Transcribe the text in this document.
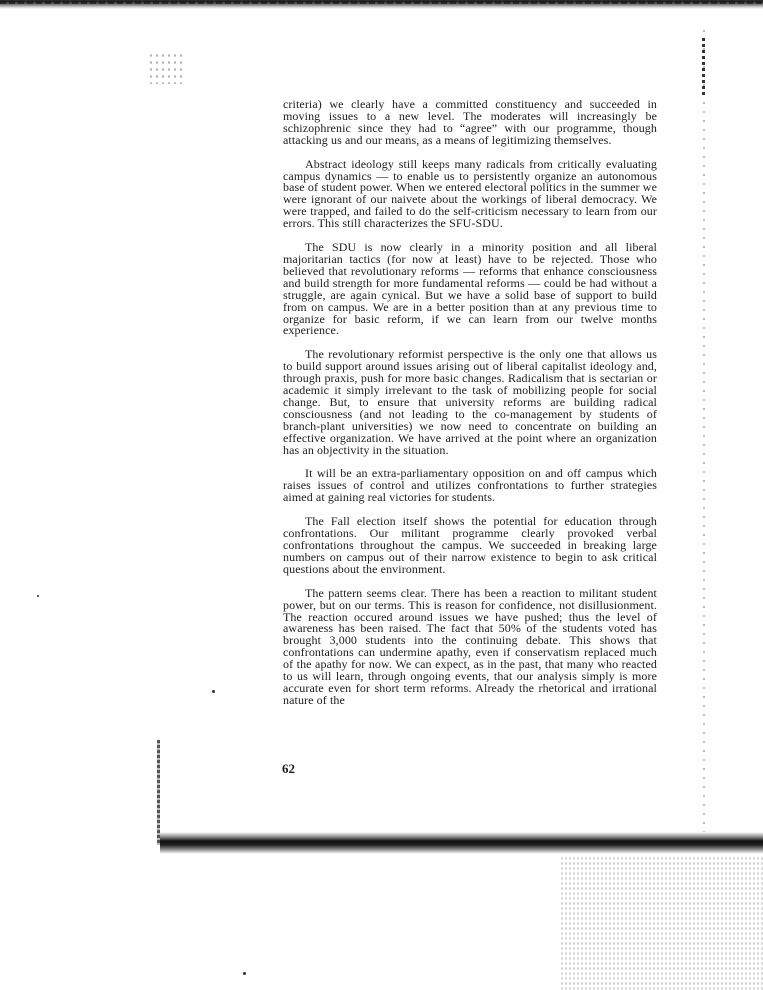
criteria) we clearly have a committed constituency and succeeded in moving issues to a new level. The moderates will increasingly be schizophrenic since they had to “agree” with our programme, though attacking us and our means, as a means of legitimizing themselves.

Abstract ideology still keeps many radicals from critically evaluating campus dynamics — to enable us to persistently organize an autonomous base of student power. When we entered electoral politics in the summer we were ignorant of our naivete about the workings of liberal democracy. We were trapped, and failed to do the self-criticism necessary to learn from our errors. This still characterizes the SFU-SDU.

The SDU is now clearly in a minority position and all liberal majoritarian tactics (for now at least) have to be rejected. Those who believed that revolutionary reforms — reforms that enhance consciousness and build strength for more fundamental reforms — could be had without a struggle, are again cynical. But we have a solid base of support to build from on campus. We are in a better position than at any previous time to organize for basic reform, if we can learn from our twelve months experience.

The revolutionary reformist perspective is the only one that allows us to build support around issues arising out of liberal capitalist ideology and, through praxis, push for more basic changes. Radicalism that is sectarian or academic it simply irrelevant to the task of mobilizing people for social change. But, to ensure that university reforms are building radical consciousness (and not leading to the co-management by students of branch-plant universities) we now need to concentrate on building an effective organization. We have arrived at the point where an organization has an objectivity in the situation.

It will be an extra-parliamentary opposition on and off campus which raises issues of control and utilizes confrontations to further strategies aimed at gaining real victories for students.

The Fall election itself shows the potential for education through confrontations. Our militant programme clearly provoked verbal confrontations throughout the campus. We succeeded in breaking large numbers on campus out of their narrow existence to begin to ask critical questions about the environment.

The pattern seems clear. There has been a reaction to militant student power, but on our terms. This is reason for confidence, not disillusionment. The reaction occured around issues we have pushed; thus the level of awareness has been raised. The fact that 50% of the students voted has brought 3,000 students into the continuing debate. This shows that confrontations can undermine apathy, even if conservatism replaced much of the apathy for now. We can expect, as in the past, that many who reacted to us will learn, through ongoing events, that our analysis simply is more accurate even for short term reforms. Already the rhetorical and irrational nature of the

62
